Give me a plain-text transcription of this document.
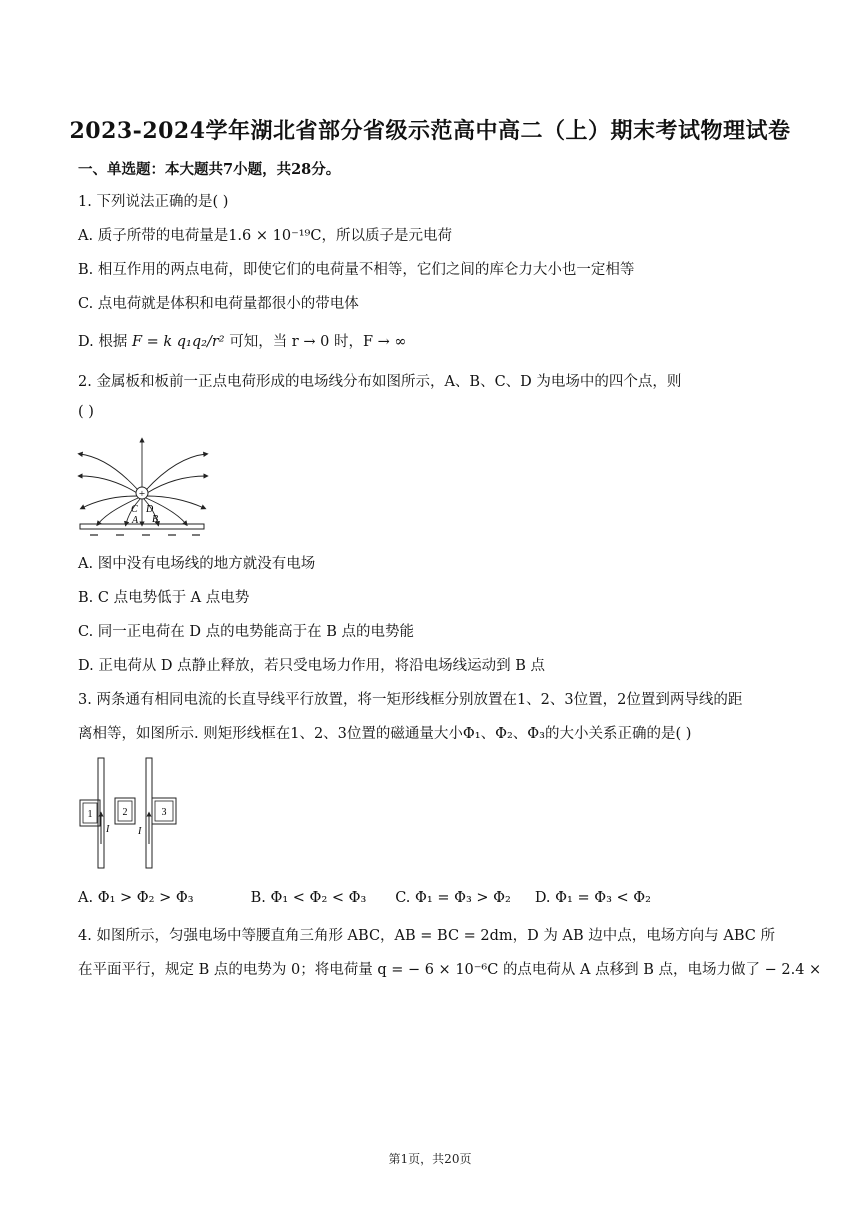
2023-2024学年湖北省部分省级示范高中高二（上）期末考试物理试卷
一、单选题：本大题共7小题，共28分。
1. 下列说法正确的是( )
A. 质子所带的电荷量是1.6 × 10⁻¹⁹C，所以质子是元电荷
B. 相互作用的两点电荷，即使它们的电荷量不相等，它们之间的库仑力大小也一定相等
C. 点电荷就是体积和电荷量都很小的带电体
D. 根据 F = k q₁q₂/r² 可知，当 r → 0 时，F → ∞
2. 金属板和板前一正点电荷形成的电场线分布如图所示，A、B、C、D 为电场中的四个点，则
( )
+
C D
A B
A. 图中没有电场线的地方就没有电场
B. C 点电势低于 A 点电势
C. 同一正电荷在 D 点的电势能高于在 B 点的电势能
D. 正电荷从 D 点静止释放，若只受电场力作用，将沿电场线运动到 B 点
3. 两条通有相同电流的长直导线平行放置，将一矩形线框分别放置在1、2、3位置，2位置到两导线的距
离相等，如图所示. 则矩形线框在1、2、3位置的磁通量大小Φ₁、Φ₂、Φ₃的大小关系正确的是( )
I	I
1	2	3
A. Φ₁ > Φ₂ > Φ₃	B. Φ₁ < Φ₂ < Φ₃ C. Φ₁ = Φ₃ > Φ₂ D. Φ₁ = Φ₃ < Φ₂
4. 如图所示，匀强电场中等腰直角三角形 ABC，AB = BC = 2dm，D 为 AB 边中点，电场方向与 ABC 所
在平面平行，规定 B 点的电势为 0；将电荷量 q = − 6 × 10⁻⁶C 的点电荷从 A 点移到 B 点，电场力做了 − 2.4 ×
第1页，共20页
